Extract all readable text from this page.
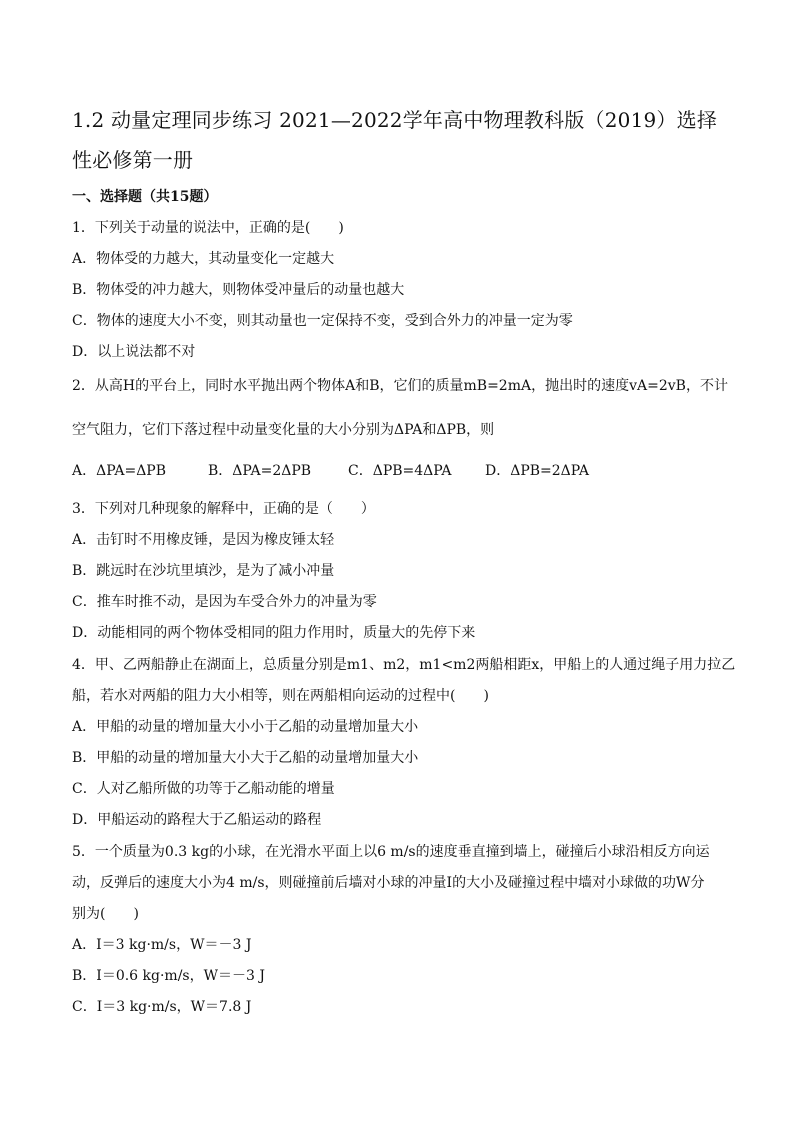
1.2 动量定理同步练习 2021—2022学年高中物理教科版（2019）选择性必修第一册
一、选择题（共15题）
1．下列关于动量的说法中，正确的是(　　)
A．物体受的力越大，其动量变化一定越大
B．物体受的冲力越大，则物体受冲量后的动量也越大
C．物体的速度大小不变，则其动量也一定保持不变，受到合外力的冲量一定为零
D．以上说法都不对
2．从高H的平台上，同时水平抛出两个物体A和B，它们的质量mB=2mA，抛出时的速度vA=2vB，不计
空气阻力，它们下落过程中动量变化量的大小分别为ΔPA和ΔPB，则
A．ΔPA=ΔPB	B．ΔPA=2ΔPB	C．ΔPB=4ΔPA	D．ΔPB=2ΔPA
3．下列对几种现象的解释中，正确的是（　　）
A．击钉时不用橡皮锤，是因为橡皮锤太轻
B．跳远时在沙坑里填沙，是为了减小冲量
C．推车时推不动，是因为车受合外力的冲量为零
D．动能相同的两个物体受相同的阻力作用时，质量大的先停下来
4．甲、乙两船静止在湖面上，总质量分别是m1、m2，m1<m2两船相距x，甲船上的人通过绳子用力拉乙
船，若水对两船的阻力大小相等，则在两船相向运动的过程中(　　)
A．甲船的动量的增加量大小小于乙船的动量增加量大小
B．甲船的动量的增加量大小大于乙船的动量增加量大小
C．人对乙船所做的功等于乙船动能的增量
D．甲船运动的路程大于乙船运动的路程
5．一个质量为0.3 kg的小球，在光滑水平面上以6 m/s的速度垂直撞到墙上，碰撞后小球沿相反方向运
动，反弹后的速度大小为4 m/s，则碰撞前后墙对小球的冲量I的大小及碰撞过程中墙对小球做的功W分
别为(　　)
A．I＝3 kg·m/s，W＝－3 J
B．I＝0.6 kg·m/s，W＝－3 J
C．I＝3 kg·m/s，W＝7.8 J
